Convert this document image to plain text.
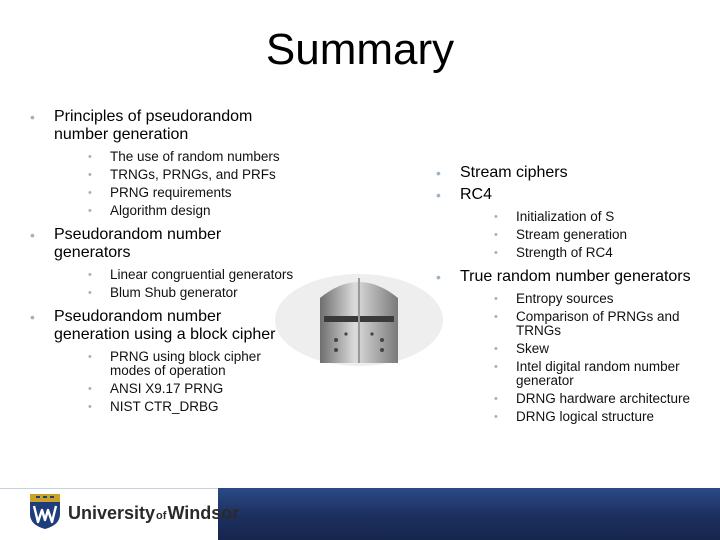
Summary
• Principles of pseudorandom number generation
• The use of random numbers
• TRNGs, PRNGs, and PRFs
• PRNG requirements
• Algorithm design
• Pseudorandom number generators
• Linear congruential generators
• Blum Shub generator
• Pseudorandom number generation using a block cipher
• PRNG using block cipher modes of operation
• ANSI X9.17 PRNG
• NIST CTR_DRBG
• Stream ciphers
• RC4
• Initialization of S
• Stream generation
• Strength of RC4
• True random number generators
• Entropy sources
• Comparison of PRNGs and TRNGs
• Skew
• Intel digital random number generator
• DRNG hardware architecture
• DRNG logical structure
University of Windsor
